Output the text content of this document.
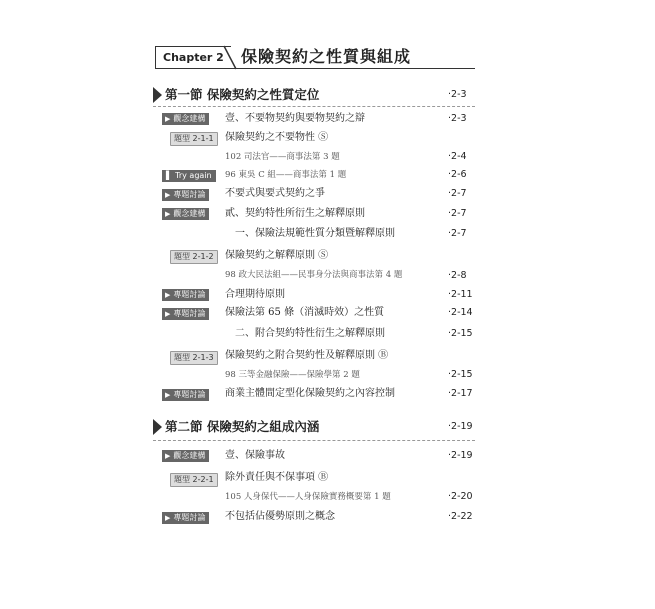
Chapter 2	保險契約之性質與組成
第一節 保險契約之性質定位	‧2-3
▶ 觀念建構	壹、不要物契約與要物契約之辯	‧2-3
題型 2-1-1	保險契約之不要物性 Ⓢ
102 司法官——商事法第 3 題	‧2-4
▌ Try again	96 東吳 C 組——商事法第 1 題	‧2-6
▶ 專題討論	不要式與要式契約之爭	‧2-7
▶ 觀念建構	貳、契約特性所衍生之解釋原則	‧2-7
一、保險法規範性質分類暨解釋原則	‧2-7
題型 2-1-2	保險契約之解釋原則 Ⓢ
98 政大民法組——民事身分法與商事法第 4 題	‧2-8
▶ 專題討論	合理期待原則	‧2-11
▶ 專題討論	保險法第 65 條（消滅時效）之性質	‧2-14
二、附合契約特性衍生之解釋原則	‧2-15
題型 2-1-3	保險契約之附合契約性及解釋原則 Ⓑ
98 三等金融保險——保險學第 2 題	‧2-15
▶ 專題討論	商業主體間定型化保險契約之內容控制	‧2-17
第二節 保險契約之組成內涵	‧2-19
▶ 觀念建構	壹、保險事故	‧2-19
題型 2-2-1	除外責任與不保事項 Ⓑ
105 人身保代——人身保險實務概要第 1 題	‧2-20
▶ 專題討論	不包括佔優勢原則之概念	‧2-22
